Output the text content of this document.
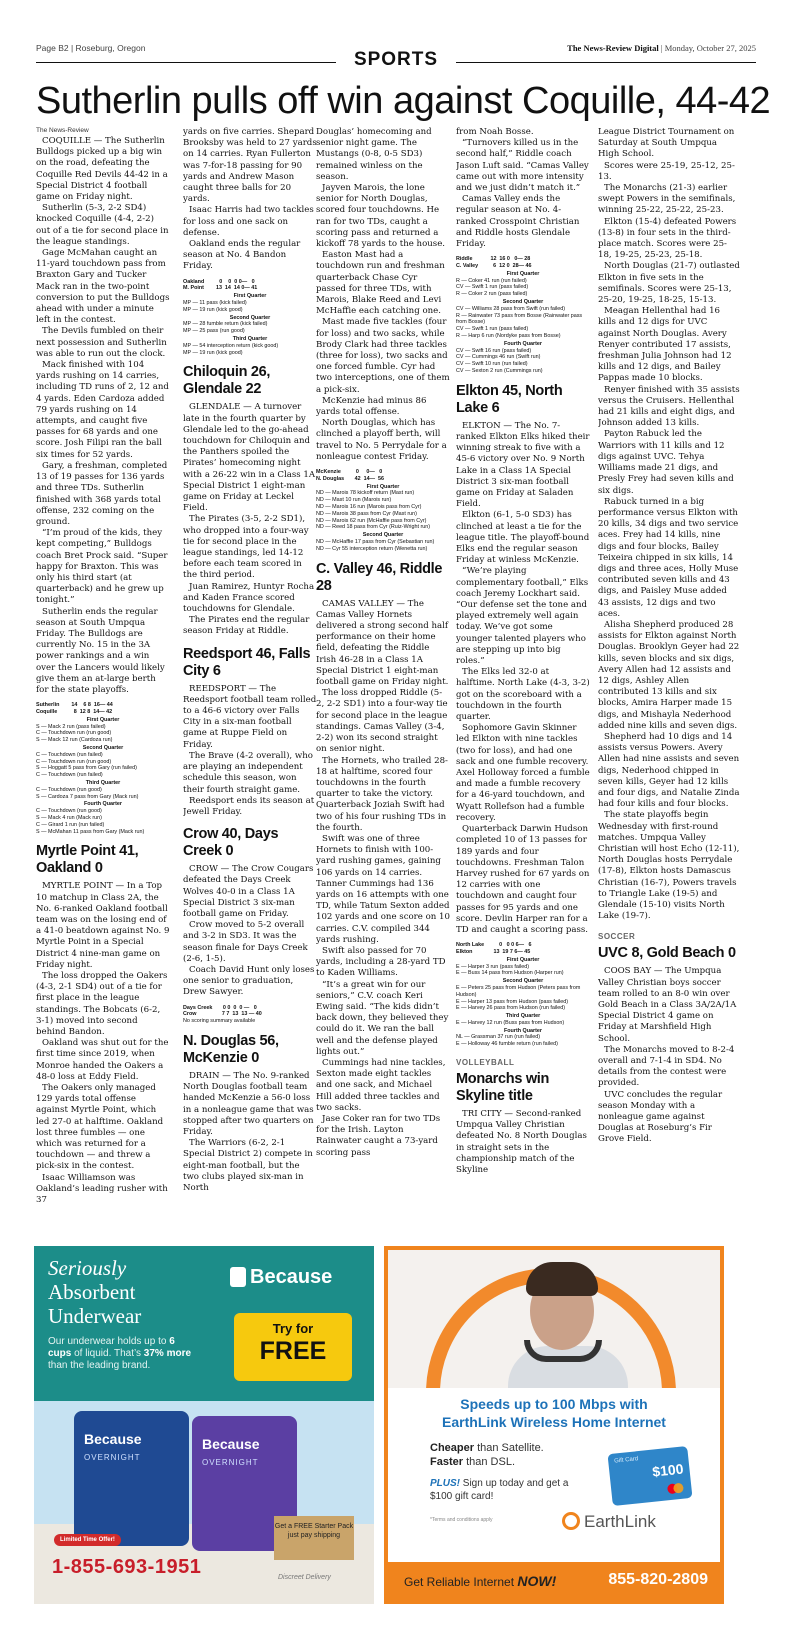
Page B2 | Roseburg, Oregon
SPORTS
The News-Review Digital | Monday, October 27, 2025
Sutherlin pulls off win against Coquille, 44-42

The News-Review

COQUILLE — The Sutherlin Bulldogs picked up a big win on the road, defeating the Coquille Red Devils 44-42 in a Special District 4 football game on Friday night.

Sutherlin (5-3, 2-2 SD4) knocked Coquille (4-4, 2-2) out of a tie for second place in the league standings.

Gage McMahan caught an 11-yard touchdown pass from Braxton Gary and Tucker Mack ran in the two-point conversion to put the Bulldogs ahead with under a minute left in the contest.

The Devils fumbled on their next possession and Sutherlin was able to run out the clock.

Mack finished with 104 yards rushing on 14 carries, including TD runs of 2, 12 and 4 yards. Eden Cardoza added 79 yards rushing on 14 attempts, and caught five passes for 68 yards and one score. Josh Filipi ran the ball six times for 52 yards.

Gary, a freshman, completed 13 of 19 passes for 136 yards and three TDs. Sutherlin finished with 368 yards total offense, 232 coming on the ground.

“I’m proud of the kids, they kept competing,” Bulldogs coach Bret Prock said. “Super happy for Braxton. This was only his third start (at quarterback) and he grew up tonight.”

Sutherlin ends the regular season at South Umpqua Friday. The Bulldogs are currently No. 15 in the 3A power rankings and a win over the Lancers would likely give them an at-large berth for the state playoffs.

Sutherlin        14    6 8  16— 44
Coquille           8  12 8  14— 42
First Quarter
S — Mack 2 run (pass failed)
C — Touchdown run (run good)
S — Mack 12 run (Cardoza run)
Second Quarter
C — Touchdown (run failed)
C — Touchdown run (run good)
S — Hoggatt 5 pass from Gary (run failed)
C — Touchdown (run failed)
Third Quarter
C — Touchdown (run good)
S — Cardoza 7 pass from Gary (Mack run)
Fourth Quarter
C — Touchdown (run good)
S — Mack 4 run (Mack run)
C — Girard 1 run (run failed)
S — McMahan 11 pass from Gary (Mack run)
Myrtle Point 41, Oakland 0

MYRTLE POINT — In a Top 10 matchup in Class 2A, the No. 6-ranked Oakland football team was on the losing end of a 41-0 beatdown against No. 9 Myrtle Point in a Special District 4 nine-man game on Friday night.

The loss dropped the Oakers (4-3, 2-1 SD4) out of a tie for first place in the league standings. The Bobcats (6-2, 3-1) moved into second behind Bandon.

Oakland was shut out for the first time since 2019, when Monroe handed the Oakers a 48-0 loss at Eddy Field.

The Oakers only managed 129 yards total offense against Myrtle Point, which led 27-0 at halftime. Oakland lost three fumbles — one which was returned for a touchdown — and threw a pick-six in the contest.

Isaac Williamson was Oakland’s leading rusher with 37

yards on five carries. Shepard Brooksby was held to 27 yards on 14 carries. Ryan Fullerton was 7-for-18 passing for 90 yards and Andrew Mason caught three balls for 20 yards.

Isaac Harris had two tackles for loss and one sack on defense.

Oakland ends the regular season at No. 4 Bandon Friday.

Oakland          0    0  0 0—   0
M. Point        13  14  14 0— 41
First Quarter
MP — 11 pass (kick failed)
MP — 19 run (kick good)
Second Quarter
MP — 28 fumble return (kick failed)
MP — 25 pass (run good)
Third Quarter
MP — 54 interception return (kick good)
MP — 19 run (kick good)
Chiloquin 26, Glendale 22

GLENDALE — A turnover late in the fourth quarter by Glendale led to the go-ahead touchdown for Chiloquin and the Panthers spoiled the Pirates’ homecoming night with a 26-22 win in a Class 1A Special District 1 eight-man game on Friday at Leckel Field.

The Pirates (3-5, 2-2 SD1), who dropped into a four-way tie for second place in the league standings, led 14-12 before each team scored in the third period.

Juan Ramirez, Huntyr Rocha and Kaden France scored touchdowns for Glendale.

The Pirates end the regular season Friday at Riddle.

Reedsport 46, Falls City 6

REEDSPORT — The Reedsport football team rolled to a 46-6 victory over Falls City in a six-man football game at Ruppe Field on Friday.

The Brave (4-2 overall), who are playing an independent schedule this season, won their fourth straight game.

Reedsport ends its season at Jewell Friday.

Crow 40, Days Creek 0

CROW — The Crow Cougars defeated the Days Creek Wolves 40-0 in a Class 1A Special District 3 six-man football game on Friday.

Crow moved to 5-2 overall and 3-2 in SD3. It was the season finale for Days Creek (2-6, 1-5).

Coach David Hunt only loses one senior to graduation, Drew Sawyer.

Days Creek       0 0  0  0 —   0
Crow                 7 7  13  13 — 40
No scoring summary available
N. Douglas 56, McKenzie 0

DRAIN — The No. 9-ranked North Douglas football team handed McKenzie a 56-0 loss in a nonleague game that was stopped after two quarters on Friday.

The Warriors (6-2, 2-1 Special District 2) compete in eight-man football, but the two clubs played six-man in North

Douglas’ homecoming and senior night game. The Mustangs (0-8, 0-5 SD3) remained winless on the season.

Jayven Marois, the lone senior for North Douglas, scored four touchdowns. He ran for two TDs, caught a scoring pass and returned a kickoff 78 yards to the house.

Easton Mast had a touchdown run and freshman quarterback Chase Cyr passed for three TDs, with Marois, Blake Reed and Levi McHaffie each catching one.

Mast made five tackles (four for loss) and two sacks, while Brody Clark had three tackles (three for loss), two sacks and one forced fumble. Cyr had two interceptions, one of them a pick-six.

McKenzie had minus 86 yards total offense.

North Douglas, which has clinched a playoff berth, will travel to No. 5 Perrydale for a nonleague contest Friday.

McKenzie          0     0—   0
N. Douglas       42  14—  56
First Quarter
ND — Marois 78 kickoff return (Mast run)
ND — Mast 10 run (Marois run)
ND — Marois 16 run (Marois pass from Cyr)
ND — Marois 38 pass from Cyr (Mast run)
ND — Marois 62 run (McHaffie pass from Cyr)
ND — Reed 18 pass from Cyr (Ruiz-Wright run)
Second Quarter
ND — McHaffie 17 pass from Cyr (Sebastian run)
ND — Cyr 55 interception return (Wenetta run)
C. Valley 46, Riddle 28

CAMAS VALLEY — The Camas Valley Hornets delivered a strong second half performance on their home field, defeating the Riddle Irish 46-28 in a Class 1A Special District 1 eight-man football game on Friday night.

The loss dropped Riddle (5-2, 2-2 SD1) into a four-way tie for second place in the league standings. Camas Valley (3-4, 2-2) won its second straight on senior night.

The Hornets, who trailed 28-18 at halftime, scored four touchdowns in the fourth quarter to take the victory. Quarterback Joziah Swift had two of his four rushing TDs in the fourth.

Swift was one of three Hornets to finish with 100-yard rushing games, gaining 106 yards on 14 carries. Tanner Cummings had 136 yards on 16 attempts with one TD, while Tatum Sexton added 102 yards and one score on 10 carries. C.V. compiled 344 yards rushing.

Swift also passed for 70 yards, including a 28-yard TD to Kaden Williams.

“It’s a great win for our seniors,” C.V. coach Keri Ewing said. “The kids didn’t back down, they believed they could do it. We ran the ball well and the defense played lights out.”

Cummings had nine tackles, Sexton made eight tackles and one sack, and Michael Hill added three tackles and two sacks.

Jase Coker ran for two TDs for the Irish. Layton Rainwater caught a 73-yard scoring pass

from Noah Bosse.

“Turnovers killed us in the second half,” Riddle coach Jason Luft said. “Camas Valley came out with more intensity and we just didn’t match it.”

Camas Valley ends the regular season at No. 4-ranked Crosspoint Christian and Riddle hosts Glendale Friday.

Riddle            12  16 0   0— 28
C. Valley          6  12 0  28— 46
First Quarter
R — Coker 41 run (run failed)
CV — Swift 1 run (pass failed)
R — Coker 2 run (pass failed)
Second Quarter
CV — Williams 28 pass from Swift (run failed)
R — Rainwater 73 pass from Bosse (Rainwater pass from Bosse)
CV — Swift 1 run (pass failed)
R — Harp 6 run (Nordyke pass from Bosse)
Fourth Quarter
CV — Swift 16 run (pass failed)
CV — Cummings 46 run (Swift run)
CV — Swift 10 run (run failed)
CV — Sexton 2 run (Cummings run)
Elkton 45, North Lake 6

ELKTON — The No. 7-ranked Elkton Elks hiked their winning streak to five with a 45-6 victory over No. 9 North Lake in a Class 1A Special District 3 six-man football game on Friday at Saladen Field.

Elkton (6-1, 5-0 SD3) has clinched at least a tie for the league title. The playoff-bound Elks end the regular season Friday at winless McKenzie.

“We’re playing complementary football,” Elks coach Jeremy Lockhart said. “Our defense set the tone and played extremely well again today. We’ve got some younger talented players who are stepping up into big roles.”

The Elks led 32-0 at halftime. North Lake (4-3, 3-2) got on the scoreboard with a touchdown in the fourth quarter.

Sophomore Gavin Skinner led Elkton with nine tackles (two for loss), and had one sack and one fumble recovery. Axel Holloway forced a fumble and made a fumble recovery for a 46-yard touchdown, and Wyatt Rollefson had a fumble recovery.

Quarterback Darwin Hudson completed 10 of 13 passes for 189 yards and four touchdowns. Freshman Talon Harvey rushed for 67 yards on 12 carries with one touchdown and caught four passes for 95 yards and one score. Devlin Harper ran for a TD and caught a scoring pass.

North Lake          0   0 0 6—   6
Elkton              13  19 7 6— 45
First Quarter
E — Harper 3 run (pass failed)
E — Buss 14 pass from Hudson (Harper run)
Second Quarter
E — Peters 25 pass from Hudson (Peters pass from Hudson)
E — Harper 13 pass from Hudson (pass failed)
E — Harvey 26 pass from Hudson (run failed)
Third Quarter
E — Harvey 12 run (Buss pass from Hudson)
Fourth Quarter
NL — Grassman 37 run (run failed)
E — Holloway 46 fumble return (run failed)
VOLLEYBALL
Monarchs win Skyline title

TRI CITY — Second-ranked Umpqua Valley Christian defeated No. 8 North Douglas in straight sets in the championship match of the Skyline

League District Tournament on Saturday at South Umpqua High School.

Scores were 25-19, 25-12, 25-13.

The Monarchs (21-3) earlier swept Powers in the semifinals, winning 25-22, 25-22, 25-23.

Elkton (15-4) defeated Powers (13-8) in four sets in the third-place match. Scores were 25-18, 19-25, 25-23, 25-18.

North Douglas (21-7) outlasted Elkton in five sets in the semifinals. Scores were 25-13, 25-20, 19-25, 18-25, 15-13.

Meagan Hellenthal had 16 kills and 12 digs for UVC against North Douglas. Avery Renyer contributed 17 assists, freshman Julia Johnson had 12 kills and 12 digs, and Bailey Pappas made 10 blocks.

Renyer finished with 35 assists versus the Cruisers. Hellenthal had 21 kills and eight digs, and Johnson added 13 kills.

Payton Rabuck led the Warriors with 11 kills and 12 digs against UVC. Tehya Williams made 21 digs, and Presly Frey had seven kills and six digs.

Rabuck turned in a big performance versus Elkton with 20 kills, 34 digs and two service aces. Frey had 14 kills, nine digs and four blocks, Bailey Teixeira chipped in six kills, 14 digs and three aces, Holly Muse contributed seven kills and 43 digs, and Paisley Muse added 43 assists, 12 digs and two aces.

Alisha Shepherd produced 28 assists for Elkton against North Douglas. Brooklyn Geyer had 22 kills, seven blocks and six digs, Avery Allen had 12 assists and 12 digs, Ashley Allen contributed 13 kills and six blocks, Amira Harper made 15 digs, and Mishayla Nederhood added nine kills and seven digs.

Shepherd had 10 digs and 14 assists versus Powers. Avery Allen had nine assists and seven digs, Nederhood chipped in seven kills, Geyer had 12 kills and four digs, and Natalie Zinda had four kills and four blocks.

The state playoffs begin Wednesday with first-round matches. Umpqua Valley Christian will host Echo (12-11), North Douglas hosts Perrydale (17-8), Elkton hosts Damascus Christian (16-7), Powers travels to Triangle Lake (19-5) and Glendale (15-10) visits North Lake (19-7).

SOCCER
UVC 8, Gold Beach 0

COOS BAY — The Umpqua Valley Christian boys soccer team rolled to an 8-0 win over Gold Beach in a Class 3A/2A/1A Special District 4 game on Friday at Marshfield High School.

The Monarchs moved to 8-2-4 overall and 7-1-4 in SD4. No details from the contest were provided.

UVC concludes the regular season Monday with a nonleague game against Douglas at Roseburg’s Fir Grove Field.

Seriously
Absorbent
Underwear
Our underwear holds up to 6 cups of liquid. That’s 37% more than the leading brand.
Because
Try for
FREE
Because
OVERNIGHT
Because
OVERNIGHT
Limited Time Offer!
1-855-693-1951
Get a FREE Starter Pack just pay shipping
Discreet Delivery
Speeds up to 100 Mbps with
EarthLink Wireless Home Internet
Cheaper than Satellite.
Faster than DSL.
PLUS! Sign up today and get a $100 gift card!
*Terms and conditions apply
Gift Card
$100
EarthLink
Get Reliable Internet NOW!	855-820-2809
